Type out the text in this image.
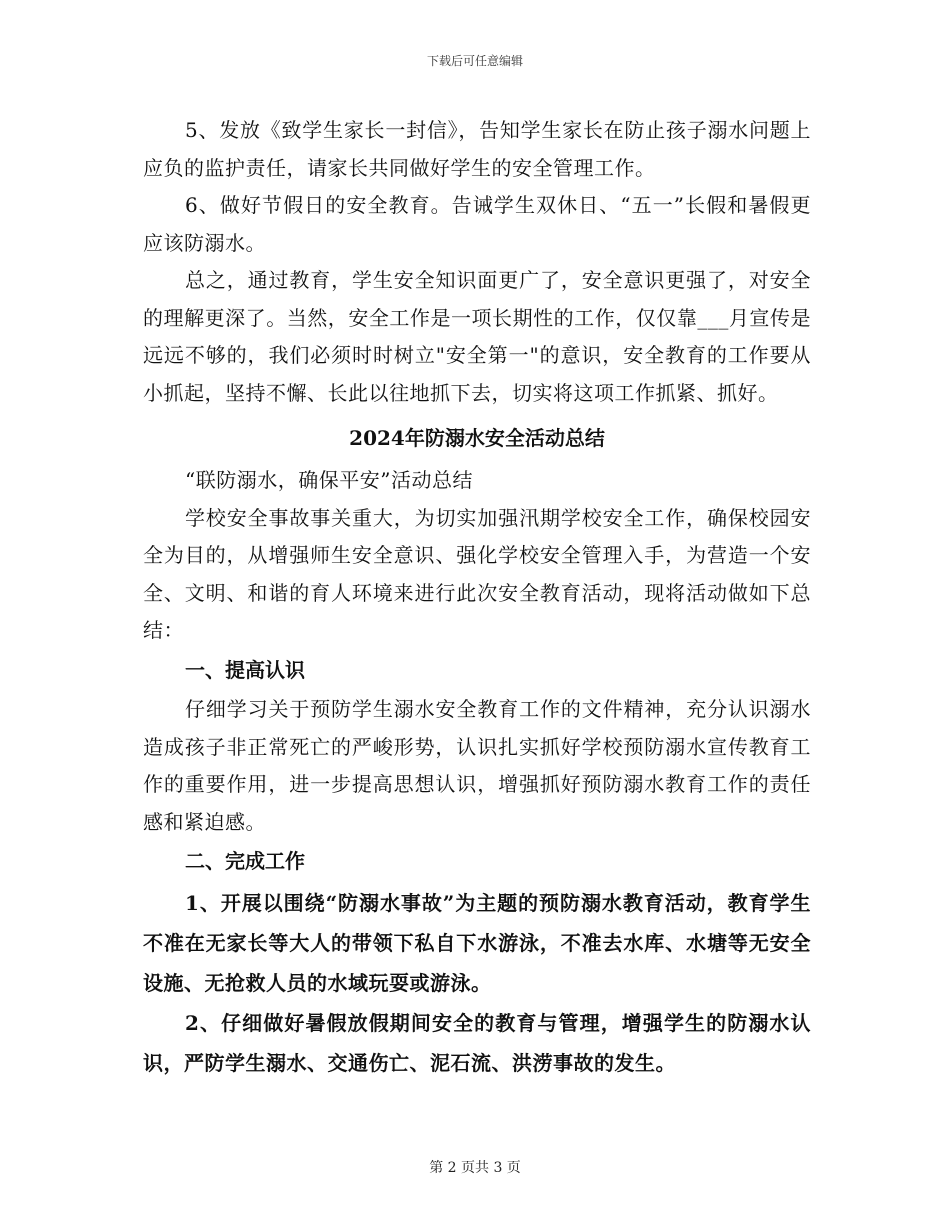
下载后可任意编辑

5、发放《致学生家长一封信》，告知学生家长在防止孩子溺水问题上应负的监护责任，请家长共同做好学生的安全管理工作。

6、做好节假日的安全教育。告诫学生双休日、“五一”长假和暑假更应该防溺水。

总之，通过教育，学生安全知识面更广了，安全意识更强了，对安全的理解更深了。当然，安全工作是一项长期性的工作，仅仅靠___月宣传是远远不够的，我们必须时时树立"安全第一"的意识，安全教育的工作要从小抓起，坚持不懈、长此以往地抓下去，切实将这项工作抓紧、抓好。

2024年防溺水安全活动总结

“联防溺水，确保平安”活动总结

学校安全事故事关重大，为切实加强汛期学校安全工作，确保校园安全为目的，从增强师生安全意识、强化学校安全管理入手，为营造一个安全、文明、和谐的育人环境来进行此次安全教育活动，现将活动做如下总结：

一、提高认识

仔细学习关于预防学生溺水安全教育工作的文件精神，充分认识溺水造成孩子非正常死亡的严峻形势，认识扎实抓好学校预防溺水宣传教育工作的重要作用，进一步提高思想认识，增强抓好预防溺水教育工作的责任感和紧迫感。

二、完成工作

1、开展以围绕“防溺水事故”为主题的预防溺水教育活动，教育学生不准在无家长等大人的带领下私自下水游泳，不准去水库、水塘等无安全设施、无抢救人员的水域玩耍或游泳。

2、仔细做好暑假放假期间安全的教育与管理，增强学生的防溺水认识，严防学生溺水、交通伤亡、泥石流、洪涝事故的发生。

第 2 页共 3 页
